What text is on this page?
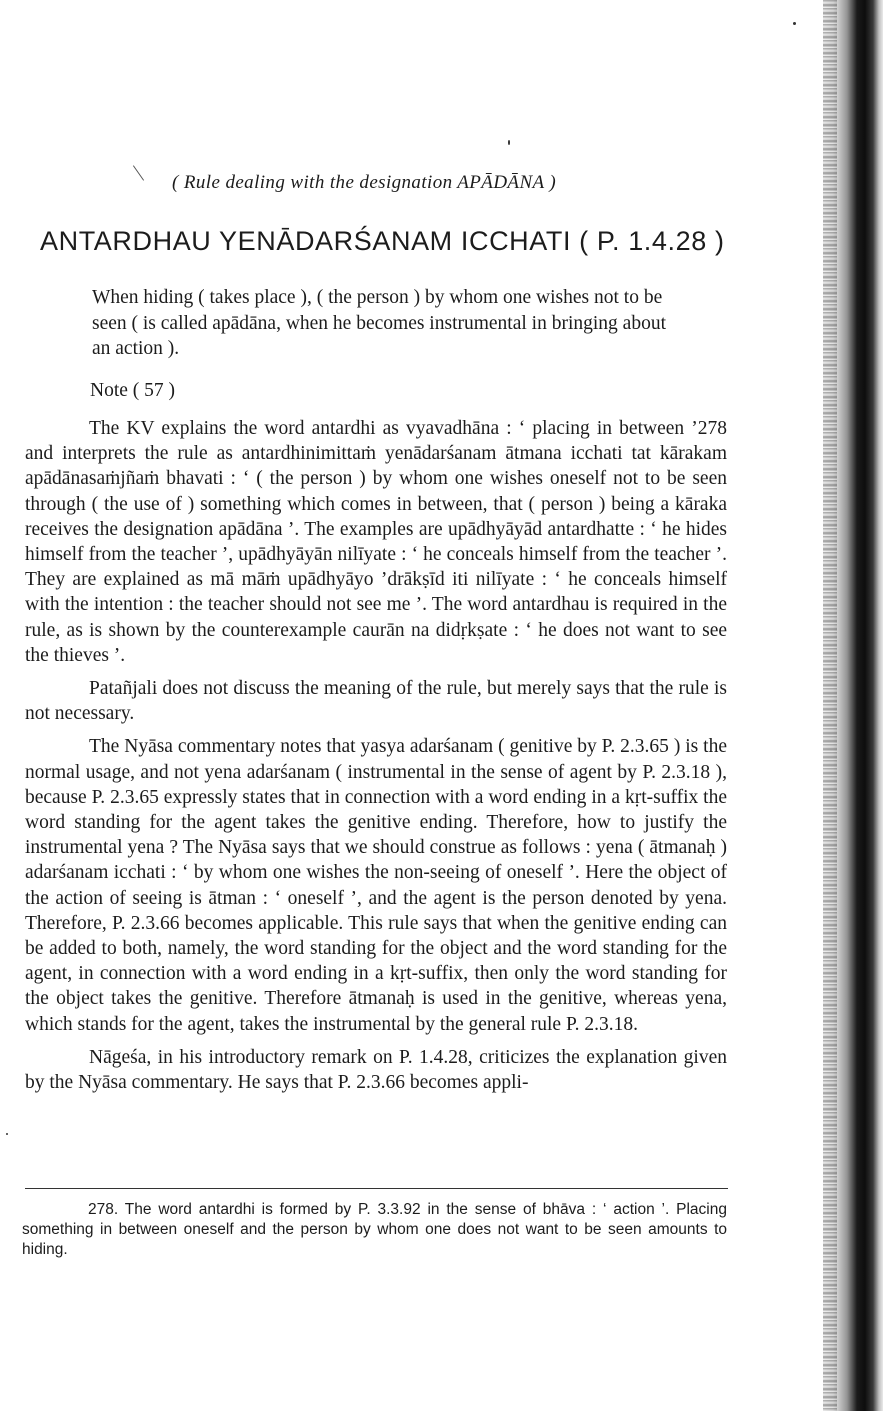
( Rule dealing with the designation APĀDĀNA )
ANTARDHAU YENĀDARŚANAM ICCHATI ( P. 1.4.28 )
When hiding ( takes place ), ( the person ) by whom one wishes not to be seen ( is called apādāna, when he becomes instrumental in bringing about an action ).
Note ( 57 )

The KV explains the word antardhi as vyavadhāna : ‘ placing in between ’278 and interprets the rule as antardhinimittaṁ yenādarśanam ātmana icchati tat kārakam apādānasaṁjñaṁ bhavati : ‘ ( the person ) by whom one wishes oneself not to be seen through ( the use of ) something which comes in between, that ( person ) being a kāraka receives the designation apādāna ’. The examples are upādhyāyād antardhatte : ‘ he hides himself from the teacher ’, upādhyāyān nilīyate : ‘ he conceals himself from the teacher ’. They are explained as mā māṁ upādhyāyo ’drākṣīd iti nilīyate : ‘ he conceals himself with the intention : the teacher should not see me ’. The word antardhau is required in the rule, as is shown by the counterexample caurān na didṛkṣate : ‘ he does not want to see the thieves ’.

Patañjali does not discuss the meaning of the rule, but merely says that the rule is not necessary.

The Nyāsa commentary notes that yasya adarśanam ( genitive by P. 2.3.65 ) is the normal usage, and not yena adarśanam ( instrumental in the sense of agent by P. 2.3.18 ), because P. 2.3.65 expressly states that in connection with a word ending in a kṛt-suffix the word standing for the agent takes the genitive ending. Therefore, how to justify the instrumental yena ? The Nyāsa says that we should construe as follows : yena ( ātmanaḥ ) adarśanam icchati : ‘ by whom one wishes the non-seeing of oneself ’. Here the object of the action of seeing is ātman : ‘ oneself ’, and the agent is the person denoted by yena. Therefore, P. 2.3.66 becomes applicable. This rule says that when the genitive ending can be added to both, namely, the word standing for the object and the word standing for the agent, in connection with a word ending in a kṛt-suffix, then only the word standing for the object takes the genitive. Therefore ātmanaḥ is used in the genitive, whereas yena, which stands for the agent, takes the instrumental by the general rule P. 2.3.18.

Nāgeśa, in his introductory remark on P. 1.4.28, criticizes the explanation given by the Nyāsa commentary. He says that P. 2.3.66 becomes appli-

278. The word antardhi is formed by P. 3.3.92 in the sense of bhāva : ‘ action ’. Placing something in between oneself and the person by whom one does not want to be seen amounts to hiding.
